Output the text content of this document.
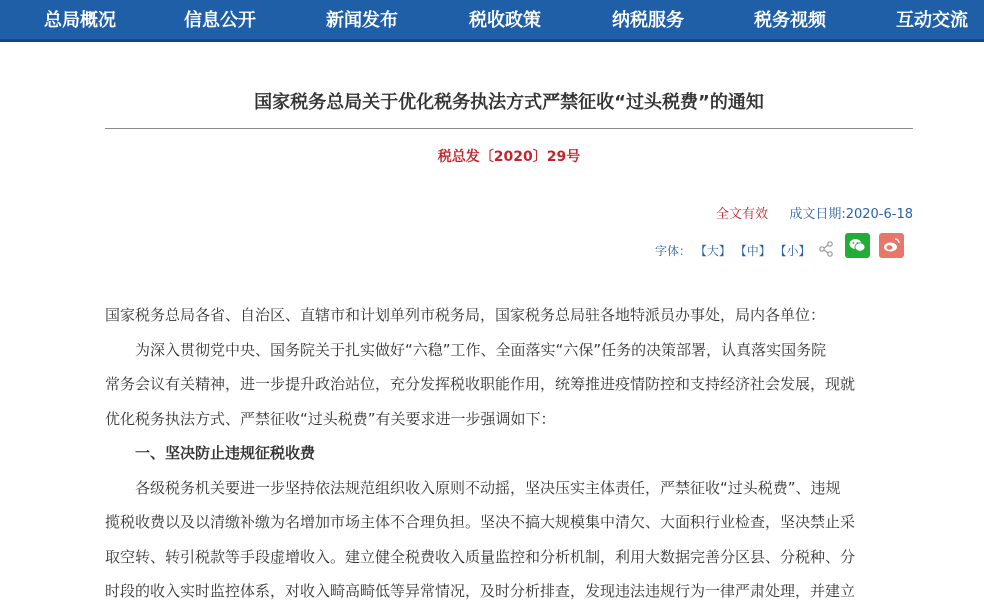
总局概况	信息公开	新闻发布	税收政策	纳税服务	税务视频	互动交流
国家税务总局关于优化税务执法方式严禁征收“过头税费”的通知
税总发〔2020〕29号
全文有效 成文日期:2020-6-18
字体： 【大】 【中】 【小】

国家税务总局各省、自治区、直辖市和计划单列市税务局，国家税务总局驻各地特派员办事处，局内各单位：

为深入贯彻党中央、国务院关于扎实做好“六稳”工作、全面落实“六保”任务的决策部署，认真落实国务院

常务会议有关精神，进一步提升政治站位，充分发挥税收职能作用，统筹推进疫情防控和支持经济社会发展，现就

优化税务执法方式、严禁征收“过头税费”有关要求进一步强调如下：

一、坚决防止违规征税收费

各级税务机关要进一步坚持依法规范组织收入原则不动摇，坚决压实主体责任，严禁征收“过头税费”、违规

揽税收费以及以清缴补缴为名增加市场主体不合理负担。坚决不搞大规模集中清欠、大面积行业检查，坚决禁止采

取空转、转引税款等手段虚增收入。建立健全税费收入质量监控和分析机制，利用大数据完善分区县、分税种、分

时段的收入实时监控体系，对收入畸高畸低等异常情况，及时分析排查，发现违法违规行为一律严肃处理，并建立
